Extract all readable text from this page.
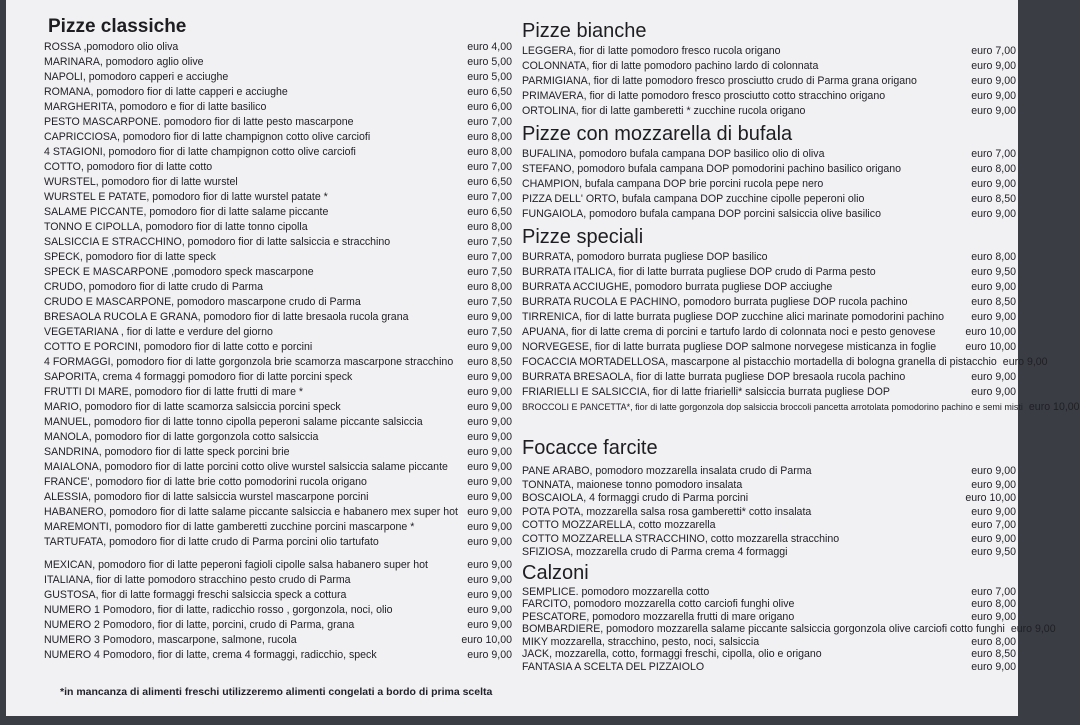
Pizze classiche
ROSSA ,pomodoro olio oliva	euro 4,00
MARINARA, pomodoro aglio olive	euro 5,00
NAPOLI, pomodoro capperi e acciughe	euro 5,00
ROMANA, pomodoro fior di latte capperi e acciughe	euro 6,50
MARGHERITA, pomodoro e fior di latte basilico	euro 6,00
PESTO MASCARPONE. pomodoro fior di latte pesto mascarpone	euro 7,00
CAPRICCIOSA, pomodoro fior di latte champignon cotto olive carciofi	euro 8,00
4 STAGIONI, pomodoro fior di latte champignon cotto olive carciofi	euro 8,00
COTTO, pomodoro fior di latte cotto	euro 7,00
WURSTEL, pomodoro fior di latte wurstel	euro 6,50
WURSTEL E PATATE, pomodoro fior di latte wurstel patate *	euro 7,00
SALAME PICCANTE, pomodoro fior di latte salame piccante	euro 6,50
TONNO E CIPOLLA, pomodoro fior di latte tonno cipolla	euro 8,00
SALSICCIA E STRACCHINO, pomodoro fior di latte salsiccia e stracchino	euro 7,50
SPECK, pomodoro fior di latte speck	euro 7,00
SPECK E MASCARPONE ,pomodoro speck mascarpone	euro 7,50
CRUDO, pomodoro fior di latte crudo di Parma	euro 8,00
CRUDO E MASCARPONE, pomodoro mascarpone crudo di Parma	euro 7,50
BRESAOLA RUCOLA E GRANA, pomodoro fior di latte bresaola rucola grana	euro 9,00
VEGETARIANA , fior di latte e verdure del giorno	euro 7,50
COTTO E PORCINI, pomodoro fior di latte cotto e porcini	euro 9,00
4 FORMAGGI, pomodoro fior di latte gorgonzola brie scamorza mascarpone stracchino	euro 8,50
SAPORITA, crema 4 formaggi pomodoro fior di latte porcini speck	euro 9,00
FRUTTI DI MARE, pomodoro fior di latte frutti di mare *	euro 9,00
MARIO, pomodoro fior di latte scamorza salsiccia porcini speck	euro 9,00
MANUEL, pomodoro fior di latte tonno cipolla peperoni salame piccante salsiccia	euro 9,00
MANOLA, pomodoro fior di latte gorgonzola cotto salsiccia	euro 9,00
SANDRINA, pomodoro fior di latte speck porcini brie	euro 9,00
MAIALONA, pomodoro fior di latte porcini cotto olive wurstel salsiccia salame piccante	euro 9,00
FRANCE', pomodoro fior di latte brie cotto pomodorini rucola origano	euro 9,00
ALESSIA, pomodoro fior di latte salsiccia wurstel mascarpone porcini	euro 9,00
HABANERO, pomodoro fior di latte salame piccante salsiccia e habanero mex super hot euro 9,00
MAREMONTI, pomodoro fior di latte gamberetti zucchine porcini mascarpone *	euro 9,00
TARTUFATA, pomodoro fior di latte crudo di Parma porcini olio tartufato	euro 9,00
MEXICAN, pomodoro fior di latte peperoni fagioli cipolle salsa habanero super hot	euro 9,00
ITALIANA, fior di latte pomodoro stracchino pesto crudo di Parma	euro 9,00
GUSTOSA, fior di latte formaggi freschi salsiccia speck a cottura	euro 9,00
NUMERO 1 Pomodoro, fior di latte, radicchio rosso , gorgonzola, noci, olio	euro 9,00
NUMERO 2 Pomodoro, fior di latte, porcini, crudo di Parma, grana	euro 9,00
NUMERO 3 Pomodoro, mascarpone, salmone, rucola	euro 10,00
NUMERO 4 Pomodoro, fior di latte, crema 4 formaggi, radicchio, speck	euro 9,00
Pizze bianche
LEGGERA, fior di latte pomodoro fresco rucola origano	euro 7,00
COLONNATA, fior di latte pomodoro pachino lardo di colonnata	euro 9,00
PARMIGIANA, fior di latte pomodoro fresco prosciutto crudo di Parma grana origano	euro 9,00
PRIMAVERA, fior di latte pomodoro fresco prosciutto cotto stracchino origano	euro 9,00
ORTOLINA, fior di latte gamberetti * zucchine rucola origano	euro 9,00
Pizze con mozzarella di bufala
BUFALINA, pomodoro bufala campana DOP basilico olio di oliva	euro 7,00
STEFANO, pomodoro bufala campana DOP pomodorini pachino basilico origano	euro 8,00
CHAMPION, bufala campana DOP brie porcini rucola pepe nero	euro 9,00
PIZZA DELL' ORTO, bufala campana DOP zucchine cipolle peperoni olio	euro 8,50
FUNGAIOLA, pomodoro bufala campana DOP porcini salsiccia olive basilico	euro 9,00
Pizze speciali
BURRATA, pomodoro burrata pugliese DOP basilico	euro 8,00
BURRATA ITALICA, fior di latte burrata pugliese DOP crudo di Parma pesto	euro 9,50
BURRATA ACCIUGHE, pomodoro burrata pugliese DOP acciughe	euro 9,00
BURRATA RUCOLA E PACHINO, pomodoro burrata pugliese DOP rucola pachino	euro 8,50
TIRRENICA, fior di latte burrata pugliese DOP zucchine alici marinate pomodorini pachino	euro 9,00
APUANA, fior di latte crema di porcini e tartufo lardo di colonnata noci e pesto genovese	euro 10,00
NORVEGESE, fior di latte burrata pugliese DOP salmone norvegese misticanza in foglie	euro 10,00
FOCACCIA MORTADELLOSA, mascarpone al pistacchio mortadella di bologna granella di pistacchio euro 9,00
BURRATA BRESAOLA, fior di latte burrata pugliese DOP bresaola rucola pachino	euro 9,00
FRIARIELLI E SALSICCIA, fior di latte friarielli* salsiccia burrata pugliese DOP	euro 9,00
BROCCOLI E PANCETTA*, fior di latte gorgonzola dop salsiccia broccoli pancetta arrotolata pomodorino pachino e semi misti euro 10,00
Focacce farcite
PANE ARABO, pomodoro mozzarella insalata crudo di Parma	euro 9,00
TONNATA, maionese tonno pomodoro insalata	euro 9,00
BOSCAIOLA, 4 formaggi crudo di Parma porcini	euro 10,00
POTA POTA, mozzarella salsa rosa gamberetti* cotto insalata	euro 9,00
COTTO MOZZARELLA, cotto mozzarella	euro 7,00
COTTO MOZZARELLA STRACCHINO, cotto mozzarella stracchino	euro 9,00
SFIZIOSA, mozzarella crudo di Parma crema 4 formaggi	euro 9,50
Calzoni
SEMPLICE. pomodoro mozzarella cotto	euro 7,00
FARCITO, pomodoro mozzarella cotto carciofi funghi olive	euro 8,00
PESCATORE, pomodoro mozzarella frutti di mare origano	euro 9,00
BOMBARDIERE, pomodoro mozzarella salame piccante salsiccia gorgonzola olive carciofi cotto funghi euro 9,00
MIKY mozzarella, stracchino, pesto, noci, salsiccia	euro 8,00
JACK, mozzarella, cotto, formaggi freschi, cipolla, olio e origano	euro 8,50
FANTASIA A SCELTA DEL PIZZAIOLO	euro 9,00
*in mancanza di alimenti freschi utilizzeremo alimenti congelati a bordo di prima scelta
